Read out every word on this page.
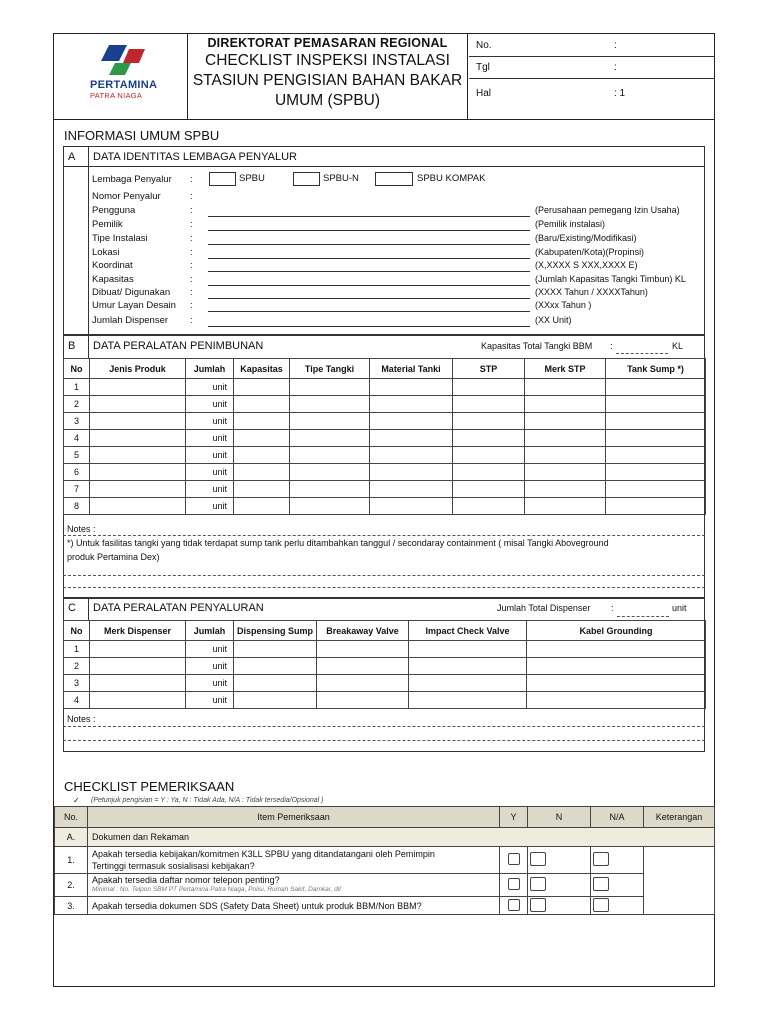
PERTAMINA
PATRA NIAGA
DIREKTORAT PEMASARAN REGIONAL
CHECKLIST INSPEKSI INSTALASI
STASIUN PENGISIAN BAHAN BAKAR
UMUM (SPBU)
No.	:
Tgl	:
Hal	: 1
INFORMASI UMUM SPBU
A DATA IDENTITAS LEMBAGA PENYALUR
Lembaga Penyalur :	SPBU	SPBU-N	SPBU KOMPAK
Nomor Penyalur	:
Pengguna	:	(Perusahaan pemegang Izin Usaha)
Pemilik	:	(Pemilik instalasi)
Tipe Instalasi	:	(Baru/Existing/Modifikasi)
Lokasi	:	(Kabupaten/Kota)(Propinsi)
Koordinat	:	(X,XXXX S XXX,XXXX E)
Kapasitas	:	(Jumlah Kapasitas Tangki Timbun) KL
Dibuat/ Digunakan :	(XXXX Tahun / XXXXTahun)
Umur Layan Desain :	(XXxx Tahun )
Jumlah Dispenser :	(XX Unit)
B DATA PERALATAN PENIMBUNAN	Kapasitas Total Tangki BBM :	KL
No	Jenis Produk	Jumlah	Kapasitas	Tipe Tangki	Material Tanki	STP	Merk STP	Tank Sump *)
1		unit						
2		unit						
3		unit						
4		unit						
5		unit						
6		unit						
7		unit						
8		unit						
Notes :
*) Untuk fasilitas tangki yang tidak terdapat sump tank perlu ditambahkan tanggul / secondaray containment ( misal Tangki Aboveground
produk Pertamina Dex)
C DATA PERALATAN PENYALURAN	Jumlah Total Dispenser :	unit
No	Merk Dispenser	Jumlah	Dispensing Sump	Breakaway Valve	Impact Check Valve	Kabel Grounding
1		unit				
2		unit				
3		unit				
4		unit				
Notes :
CHECKLIST PEMERIKSAAN
✓ (Petunjuk pengisian = Y : Ya, N : Tidak Ada, N/A : Tidak tersedia/Opsional )
No.	Item Pemeriksaan	Y	N	N/A	Keterangan
A.	Dokumen dan Rekaman				
1.	Apakah tersedia kebijakan/komitmen K3LL SPBU yang ditandatangani oleh Pemimpin
Tertinggi termasuk sosialisasi kebijakan?				

2.	Apakah tersedia daftar nomor telepon penting?
Minimal : No. Telpon SBM PT Pertamina Patra Niaga, Polisi, Rumah Sakit, Damkar, dll				

3.	Apakah tersedia dokumen SDS (Safety Data Sheet) untuk produk BBM/Non BBM?				
